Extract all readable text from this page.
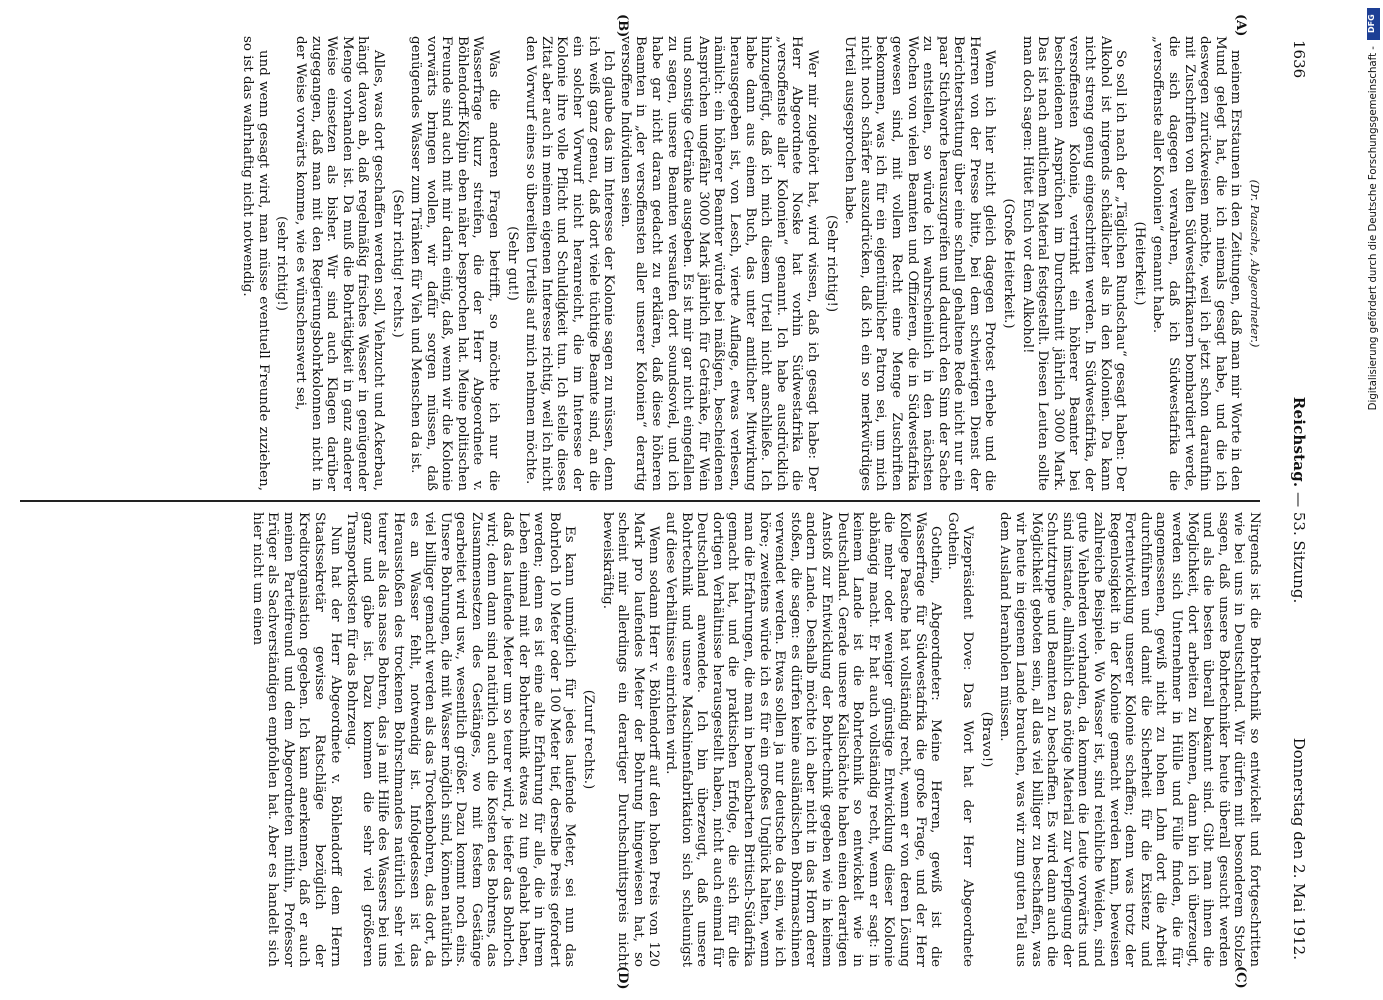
1636
Reichstag. — 53. Sitzung.
Donnerstag den 2. Mai 1912.
(A)
(B)
(C)
(D)

(Dr. Paasche, Abgeordneter.)

meinem Erstaunen in den Zeitungen, daß man mir Worte in den Mund gelegt hat, die ich niemals gesagt habe, und die ich deswegen zurückweisen möchte, weil ich jetzt schon daraufhin mit Zuschriften von alten Südwestafrikanern bombardiert werde, die sich dagegen verwahren, daß ich Südwestafrika die „versoffenste aller Kolonien“ genannt habe.

(Heiterkeit.)

So soll ich nach der „Täglichen Rundschau“ gesagt haben: Der Alkohol ist nirgends schädlicher als in den Kolonien. Da kann nicht streng genug eingeschritten werden. In Südwestafrika, der versoffensten Kolonie, vertrinkt ein höherer Beamter bei bescheidenen Ansprüchen im Durchschnitt jährlich 3000 Mark. Das ist nach amtlichem Material festgestellt. Diesen Leuten sollte man doch sagen: Hütet Euch vor dem Alkohol!

(Große Heiterkeit.)

Wenn ich hier nicht gleich dagegen Protest erhebe und die Herren von der Presse bitte, bei dem schwierigen Dienst der Berichterstattung über eine schnell gehaltene Rede nicht nur ein paar Stichworte herauszugreifen und dadurch den Sinn der Sache zu entstellen, so würde ich wahrscheinlich in den nächsten Wochen von vielen Beamten und Offizieren, die in Südwestafrika gewesen sind, mit vollem Recht eine Menge Zuschriften bekommen, was ich für ein eigentümlicher Patron sei, um mich nicht noch schärfer auszudrücken, daß ich ein so merkwürdiges Urteil ausgesprochen habe.

(Sehr richtig!)

Wer mir zugehört hat, wird wissen, daß ich gesagt habe: Der Herr Abgeordnete Noske hat vorhin Südwestafrika die „versoffenste aller Kolonien“ genannt. Ich habe ausdrücklich hinzugefügt, daß ich mich diesem Urteil nicht anschließe. Ich habe dann aus einem Buch, das unter amtlicher Mitwirkung herausgegeben ist, von Lesch, vierte Auflage, etwas verlesen, nämlich: ein höherer Beamter würde bei mäßigen, bescheidenen Ansprüchen ungefähr 3000 Mark jährlich für Getränke, für Wein und sonstige Getränke ausgeben. Es ist mir gar nicht eingefallen zu sagen, unsere Beamten versaufen dort soundsoviel, und ich habe gar nicht daran gedacht zu erklären, daß diese höheren Beamten in „der versoffensten aller unserer Kolonien“ derartig versoffene Individuen seien.

Ich glaube das im Interesse der Kolonie sagen zu müssen, denn ich weiß ganz genau, daß dort viele tüchtige Beamte sind, an die ein solcher Vorwurf nicht heranreicht, die im Interesse der Kolonie ihre volle Pflicht und Schuldigkeit tun. Ich stelle dieses Zitat aber auch in meinem eigenen Interesse richtig, weil ich nicht den Vorwurf eines so übereilten Urteils auf mich nehmen möchte.

(Sehr gut!)

Was die anderen Fragen betrifft, so möchte ich nur die Wasserfrage kurz streifen, die der Herr Abgeordnete v. Böhlendorff-Kölpin eben näher besprochen hat. Meine politischen Freunde sind auch mit mir darin einig, daß, wenn wir die Kolonie vorwärts bringen wollen, wir dafür sorgen müssen, daß genügendes Wasser zum Tränken für Vieh und Menschen da ist.

(Sehr richtig! rechts.)

Alles, was dort geschaffen werden soll, Viehzucht und Ackerbau, hängt davon ab, daß regelmäßig frisches Wasser in genügender Menge vorhanden ist. Da muß die Bohrtätigkeit in ganz anderer Weise einsetzen als bisher. Wir sind auch Klagen darüber zugegangen, daß man mit den Regierungsbohrkolonnen nicht in der Weise vorwärts komme, wie es wünschenswert sei,

(sehr richtig!)

und wenn gesagt wird, man müsse eventuell Freunde zuziehen, so ist das wahrhaftig nicht notwendig.

Nirgends ist die Bohrtechnik so entwickelt und fortgeschritten wie bei uns in Deutschland. Wir dürfen mit besonderem Stolze sagen, daß unsere Bohrtechniker heute überall gesucht werden und als die besten überall bekannt sind. Gibt man ihnen die Möglichkeit, dort arbeiten zu können, dann bin ich überzeugt, werden sich Unternehmer in Hülle und Fülle finden, die für angemessenen, gewiß nicht zu hohen Lohn dort die Arbeit durchführen und damit die Sicherheit für die Existenz und Fortentwicklung unserer Kolonie schaffen; denn was trotz der Regenlosigkeit in der Kolonie gemacht werden kann, beweisen zahlreiche Beispiele. Wo Wasser ist, sind reichliche Weiden, sind gute Viehherden vorhanden, da kommen die Leute vorwärts und sind imstande, allmählich das nötige Material zur Verpflegung der Schutztruppe und Beamten zu beschaffen. Es wird dann auch die Möglichkeit geboten sein, all das viel billiger zu beschaffen, was wir heute in eigenem Lande brauchen, was wir zum guten Teil aus dem Ausland heranholen müssen.

(Bravo!)

Vizepräsident Dove: Das Wort hat der Herr Abgeordnete Gothein.

Gothein, Abgeordneter: Meine Herren, gewiß ist die Wasserfrage für Südwestafrika die große Frage, und der Herr Kollege Paasche hat vollständig recht, wenn er von deren Lösung die mehr oder weniger günstige Entwicklung dieser Kolonie abhängig macht. Er hat auch vollständig recht, wenn er sagt: in keinem Lande ist die Bohrtechnik so entwickelt wie in Deutschland. Gerade unsere Kalischächte haben einen derartigen Anstoß zur Entwicklung der Bohrtechnik gegeben wie in keinem andern Lande. Deshalb möchte ich aber nicht in das Horn derer stoßen, die sagen: es dürfen keine ausländischen Bohrmaschinen verwendet werden. Etwas sollen ja nur deutsche da sein, wie ich höre; zweitens würde ich es für ein großes Unglück halten, wenn man die Erfahrungen, die man in benachbarten Britisch-Südafrika gemacht hat, und die praktischen Erfolge, die sich für die dortigen Verhältnisse herausgestellt haben, nicht auch einmal für Deutschland anwendete. Ich bin überzeugt, daß unsere Bohrtechnik und unsere Maschinenfabrikation sich schleunigst auf diese Verhältnisse einrichten wird.

Wenn sodann Herr v. Böhlendorff auf den hohen Preis von 120 Mark pro laufendes Meter der Bohrung hingewiesen hat, so scheint mir allerdings ein derartiger Durchschnittspreis nicht beweiskräftig.

(Zuruf rechts.)

Es kann unmöglich für jedes laufende Meter, sei nun das Bohrloch 10 Meter oder 100 Meter tief, derselbe Preis gefordert werden; denn es ist eine alte Erfahrung für alle, die in ihrem Leben einmal mit der Bohrtechnik etwas zu tun gehabt haben, daß das laufende Meter um so teurer wird, je tiefer das Bohrloch wird; denn dann sind natürlich auch die Kosten des Bohrens, das Zusammensetzen des Gestänges, wo mit festem Gestänge gearbeitet wird usw., wesentlich größer. Dazu kommt noch eins. Unsere Bohrungen, die mit Wasser möglich sind, können natürlich viel billiger gemacht werden als das Trockenbohren, das dort, da es an Wasser fehlt, notwendig ist. Infolgedessen ist das Herausstoßen des trockenen Bohrschmandes natürlich sehr viel teurer als das nasse Bohren, das ja mit Hilfe des Wassers bei uns ganz und gäbe ist. Dazu kommen die sehr viel größeren Transportkosten für das Bohrzeug.

Nun hat der Herr Abgeordnete v. Böhlendorff dem Herrn Staatssekretär gewisse Ratschläge bezüglich der Kreditorganisation gegeben. Ich kann anerkennen, daß er auch meinen Parteifreund und dem Abgeordneten mithin, Professor Erüger als Sachverständigen empfohlen hat. Aber es handelt sich hier nicht um einen

DFG
Digitalisierung gefördert durch die Deutsche Forschungsgemeinschaft -
